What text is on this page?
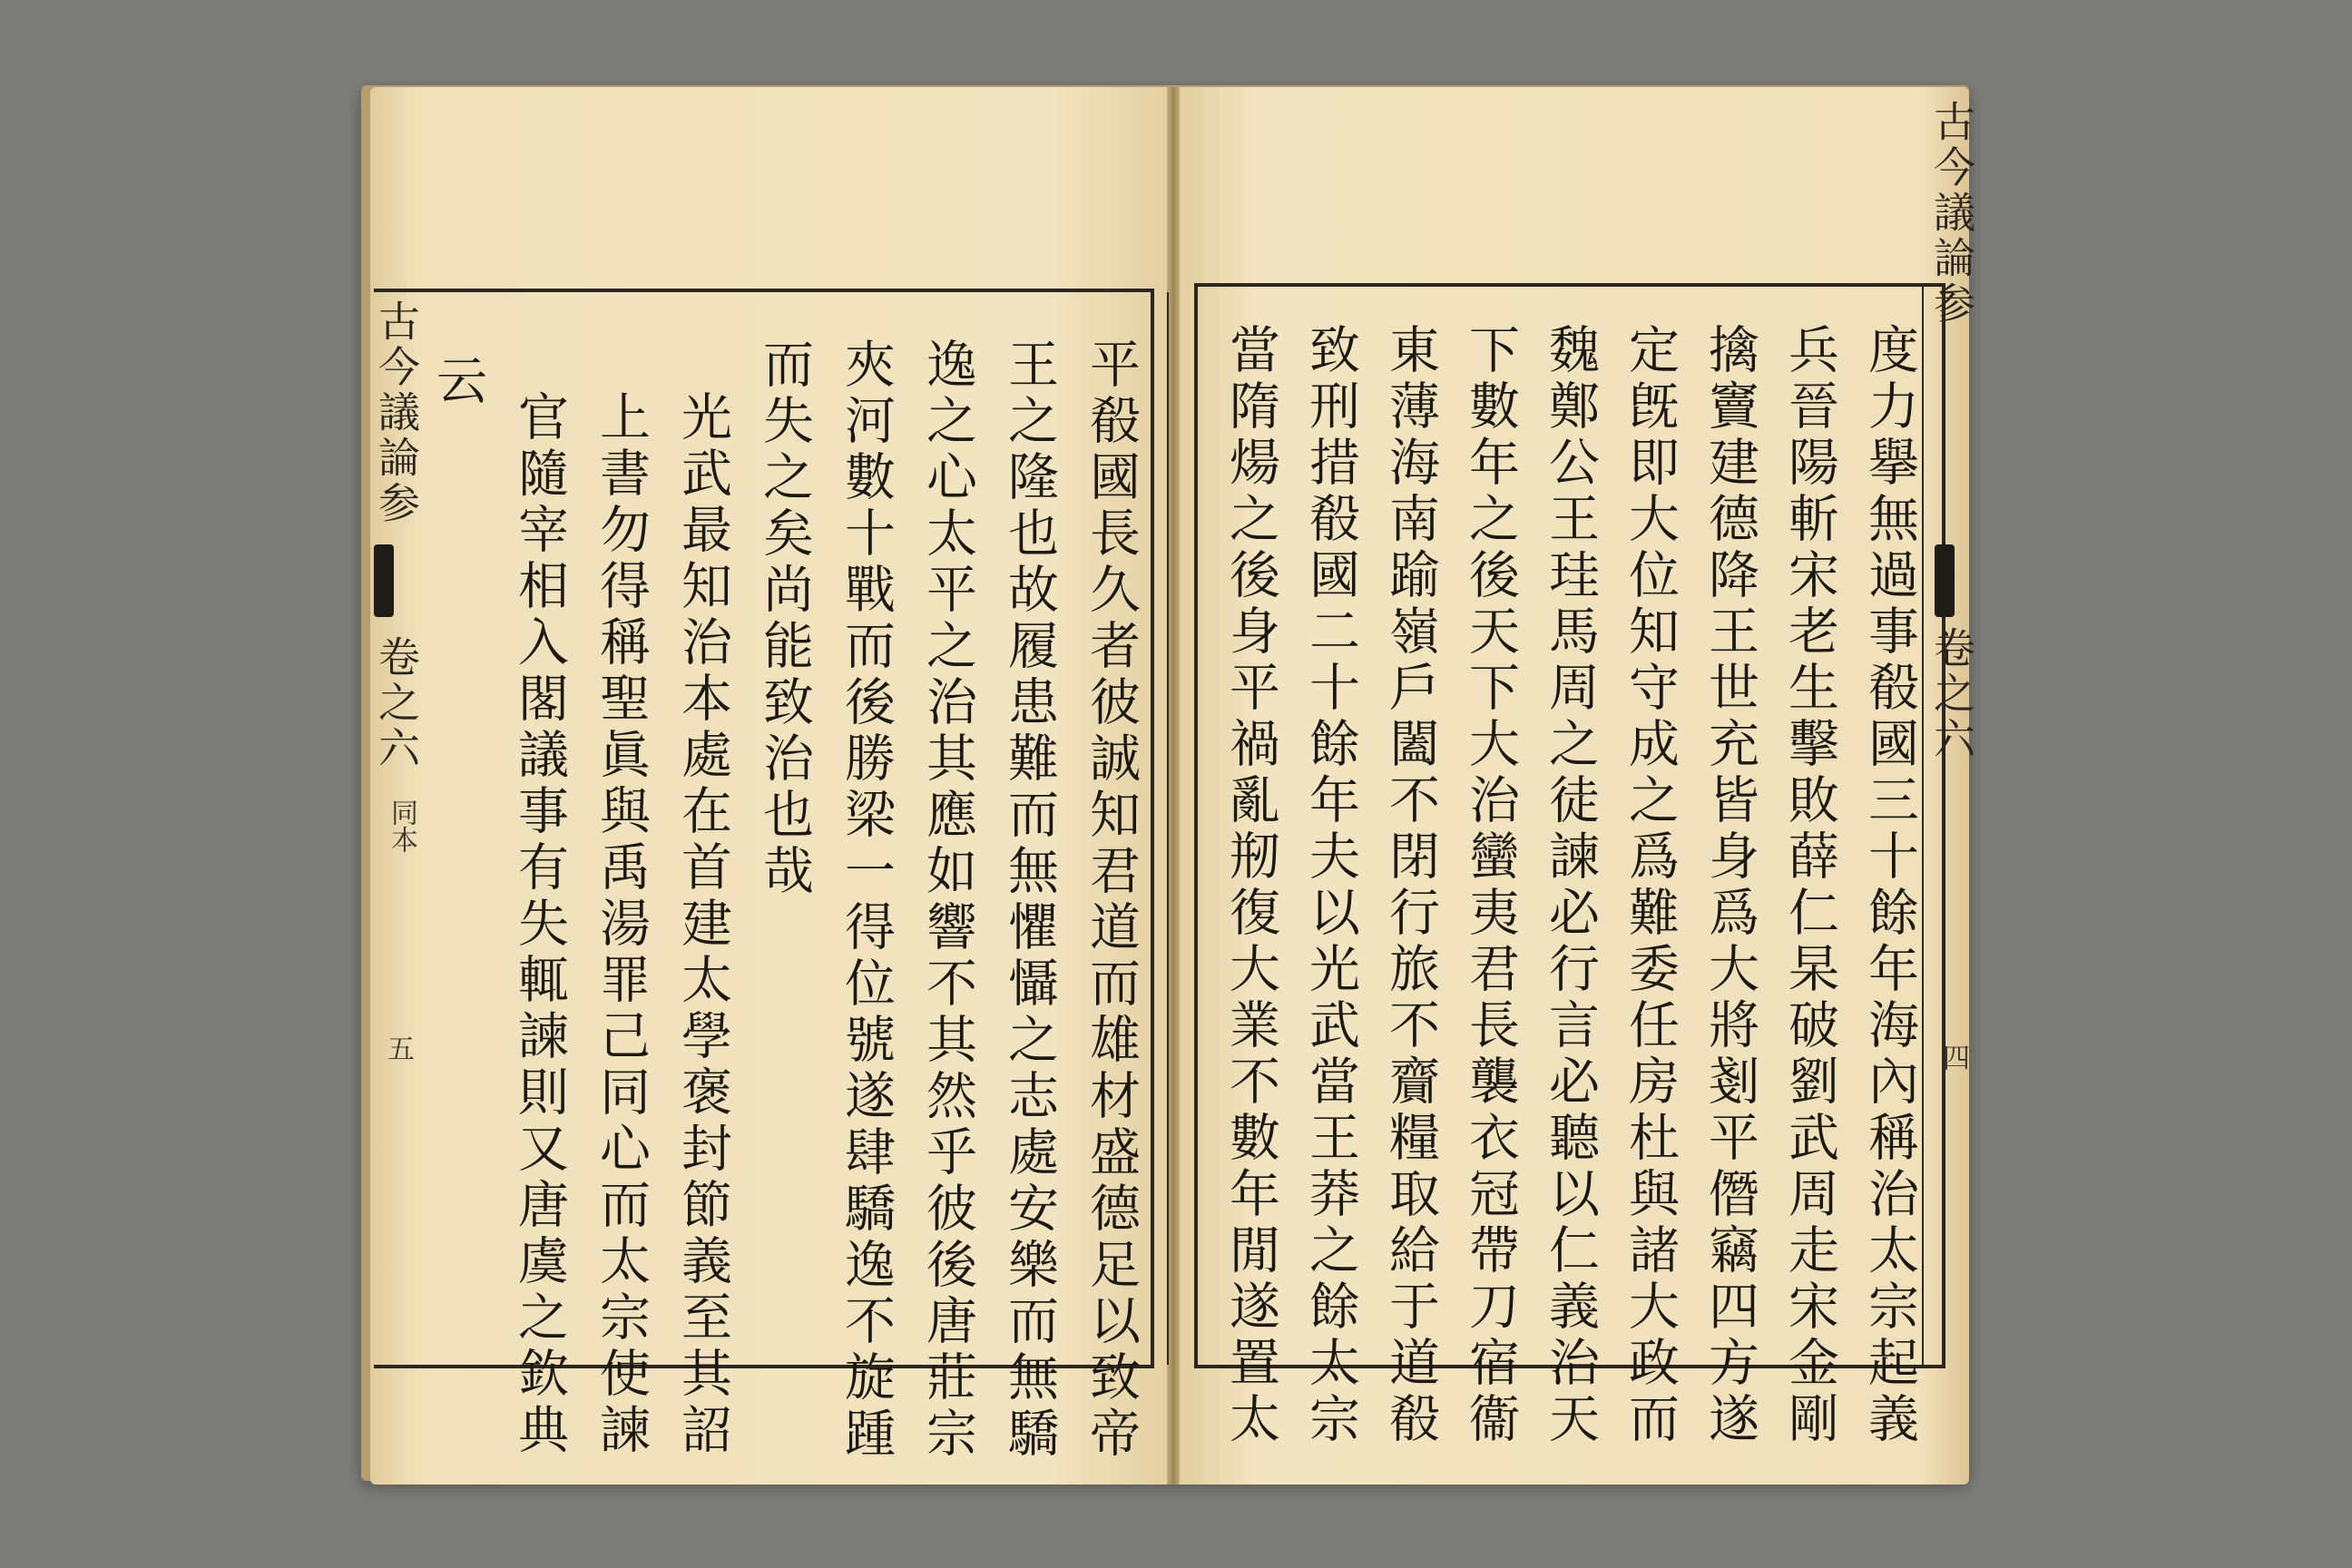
古今議論参
卷之六
同本
五	平殽國長久者彼誠知君道而雄材盛德足以致帝
王之隆也故履患難而無懼懾之志處安樂而無驕
逸之心太平之治其應如響不其然乎彼後唐莊宗
夾河數十戰而後勝梁一得位號遂肆驕逸不旋踵
而失之矣尚能致治也哉
光武最知治本處在首建太學褒封節義至其詔
上書勿得稱聖眞與禹湯罪己同心而太宗使諫
官隨宰相入閣議事有失輒諫則又唐虞之欽典
云	度力擧無過事殽國三十餘年海內稱治太宗起義
兵晉陽斬宋老生擊敗薛仁杲破劉武周走宋金剛
擒竇建德降王世充皆身爲大將剗平僭竊四方遂
定旣即大位知守成之爲難委任房杜與諸大政而
魏鄭公王珪馬周之徒諫必行言必聽以仁義治天
下數年之後天下大治蠻夷君長襲衣冠帶刀宿衞
東薄海南踰嶺戶闔不閉行旅不齎糧取給于道殽
致刑措殽國二十餘年夫以光武當王莽之餘太宗
當隋煬之後身平禍亂剏復大業不數年閒遂置太
古今議論参
卷之六
四
